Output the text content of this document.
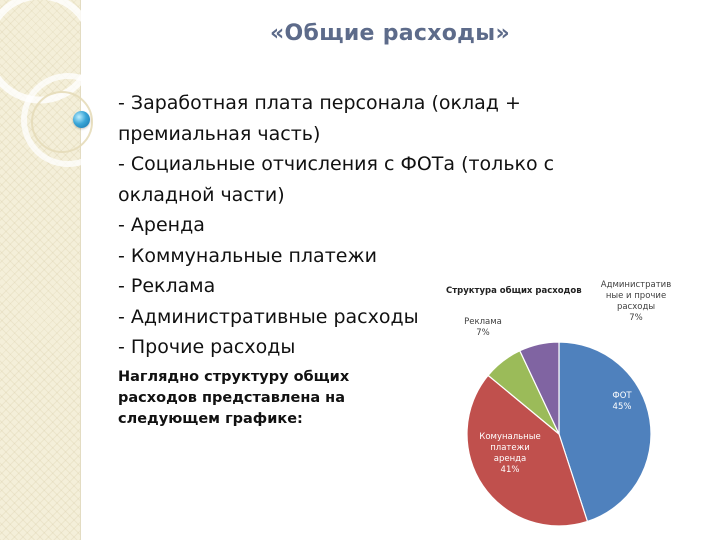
«Общие расходы»
- Заработная плата персонала (оклад +
премиальная часть)
- Социальные отчисления с ФОТа (только с
окладной части)
- Аренда
- Коммунальные платежи
- Реклама
- Административные расходы
- Прочие расходы
Наглядно структуру общих
расходов представлена на
следующем графике:
Структура общих расходов
ФОТ 45%
Комунальные платежи аренда 41%
Реклама 7%
Административ ные и прочие расходы 7%
